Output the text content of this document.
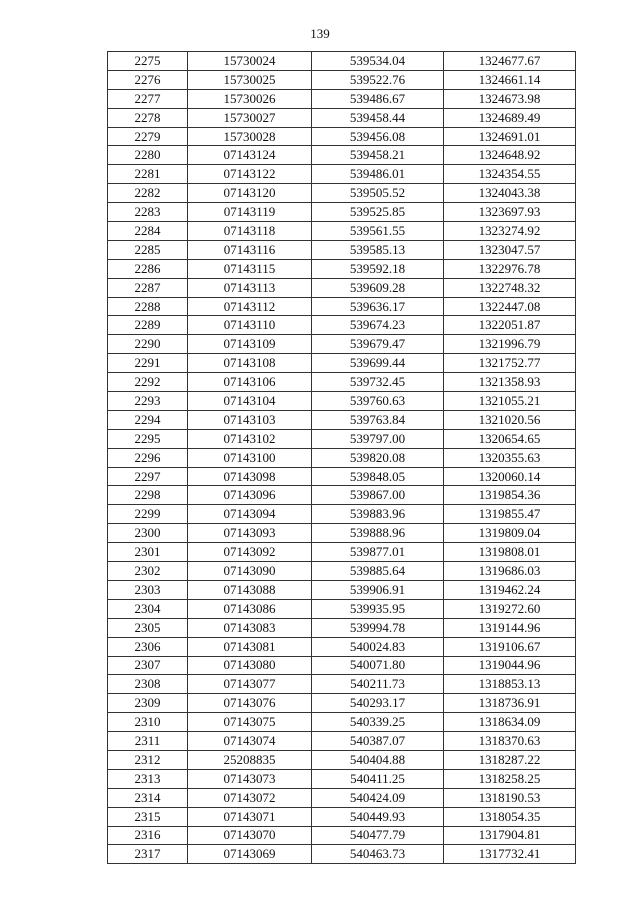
139
2275	15730024	539534.04	1324677.67
2276	15730025	539522.76	1324661.14
2277	15730026	539486.67	1324673.98
2278	15730027	539458.44	1324689.49
2279	15730028	539456.08	1324691.01
2280	07143124	539458.21	1324648.92
2281	07143122	539486.01	1324354.55
2282	07143120	539505.52	1324043.38
2283	07143119	539525.85	1323697.93
2284	07143118	539561.55	1323274.92
2285	07143116	539585.13	1323047.57
2286	07143115	539592.18	1322976.78
2287	07143113	539609.28	1322748.32
2288	07143112	539636.17	1322447.08
2289	07143110	539674.23	1322051.87
2290	07143109	539679.47	1321996.79
2291	07143108	539699.44	1321752.77
2292	07143106	539732.45	1321358.93
2293	07143104	539760.63	1321055.21
2294	07143103	539763.84	1321020.56
2295	07143102	539797.00	1320654.65
2296	07143100	539820.08	1320355.63
2297	07143098	539848.05	1320060.14
2298	07143096	539867.00	1319854.36
2299	07143094	539883.96	1319855.47
2300	07143093	539888.96	1319809.04
2301	07143092	539877.01	1319808.01
2302	07143090	539885.64	1319686.03
2303	07143088	539906.91	1319462.24
2304	07143086	539935.95	1319272.60
2305	07143083	539994.78	1319144.96
2306	07143081	540024.83	1319106.67
2307	07143080	540071.80	1319044.96
2308	07143077	540211.73	1318853.13
2309	07143076	540293.17	1318736.91
2310	07143075	540339.25	1318634.09
2311	07143074	540387.07	1318370.63
2312	25208835	540404.88	1318287.22
2313	07143073	540411.25	1318258.25
2314	07143072	540424.09	1318190.53
2315	07143071	540449.93	1318054.35
2316	07143070	540477.79	1317904.81
2317	07143069	540463.73	1317732.41
